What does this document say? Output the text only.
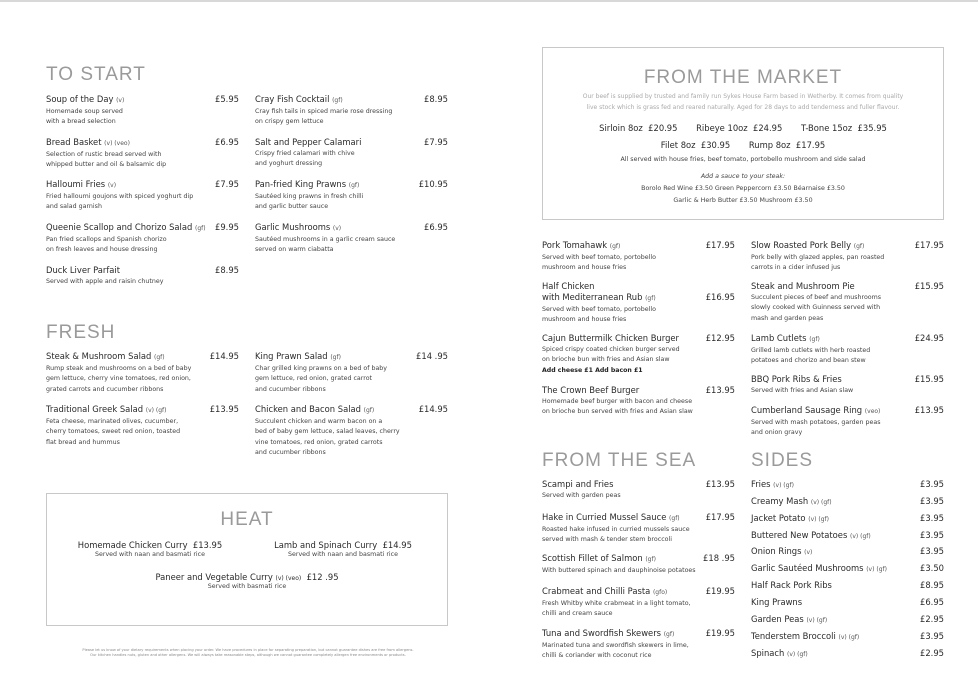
TO START
Soup of the Day (v)	£5.95
Homemade soup served
with a bread selection
Bread Basket (v) (veo)	£6.95
Selection of rustic bread served with
whipped butter and oil & balsamic dip
Halloumi Fries (v)	£7.95
Fried halloumi goujons with spiced yoghurt dip
and salad garnish
Queenie Scallop and Chorizo Salad (gf)	£9.95
Pan fried scallops and Spanish chorizo
on fresh leaves and house dressing
Duck Liver Parfait	£8.95
Served with apple and raisin chutney
Cray Fish Cocktail (gf)	£8.95
Cray fish tails in spiced marie rose dressing
on crispy gem lettuce
Salt and Pepper Calamari	£7.95
Crispy fried calamari with chive
and yoghurt dressing
Pan-fried King Prawns (gf)	£10.95
Sautéed king prawns in fresh chilli
and garlic butter sauce
Garlic Mushrooms (v)	£6.95
Sautéed mushrooms in a garlic cream sauce
served on warm ciabatta
FRESH
Steak & Mushroom Salad (gf)	£14.95
Rump steak and mushrooms on a bed of baby
gem lettuce, cherry vine tomatoes, red onion,
grated carrots and cucumber ribbons
King Prawn Salad (gf)	£14 .95
Char grilled king prawns on a bed of baby
gem lettuce, red onion, grated carrot
and cucumber ribbons
Traditional Greek Salad (v) (gf)	£13.95
Feta cheese, marinated olives, cucumber,
cherry tomatoes, sweet red onion, toasted
flat bread and hummus
Chicken and Bacon Salad (gf)	£14.95
Succulent chicken and warm bacon on a
bed of baby gem lettuce, salad leaves, cherry
vine tomatoes, red onion, grated carrots
and cucumber ribbons
HEAT
Homemade Chicken Curry £13.95
Served with naan and basmati rice
Lamb and Spinach Curry £14.95
Served with naan and basmati rice
Paneer and Vegetable Curry (v) (veo) £12 .95
Served with basmati rice
Please let us know of your dietary requirements when placing your order. We have procedures in place for separating preparation, but cannot guarantee dishes are free from allergens.
Our kitchen handles nuts, gluten and other allergens. We will always take reasonable steps, although we cannot guarantee completely allergen free environments or products.
FROM THE MARKET
Our beef is supplied by trusted and family run Sykes House Farm based in Wetherby. It comes from quality
live stock which is grass fed and reared naturally. Aged for 28 days to add tenderness and fuller flavour.
Sirloin 8oz £20.95 Ribeye 10oz £24.95 T-Bone 15oz £35.95
Filet 8oz £30.95 Rump 8oz £17.95
All served with house fries, beef tomato, portobello mushroom and side salad
Add a sauce to your steak:
Borolo Red Wine £3.50 Green Peppercorn £3.50 Béarnaise £3.50
Garlic & Herb Butter £3.50 Mushroom £3.50
Pork Tomahawk (gf)	£17.95
Served with beef tomato, portobello
mushroom and house fries
Half Chicken
with Mediterranean Rub (gf)	£16.95
Served with beef tomato, portobello
mushroom and house fries
Cajun Buttermilk Chicken Burger	£12.95
Spiced crispy coated chicken burger served
on brioche bun with fries and Asian slaw
Add cheese £1 Add bacon £1
The Crown Beef Burger	£13.95
Homemade beef burger with bacon and cheese
on brioche bun served with fries and Asian slaw
Slow Roasted Pork Belly (gf)	£17.95
Pork belly with glazed apples, pan roasted
carrots in a cider infused jus
Steak and Mushroom Pie	£15.95
Succulent pieces of beef and mushrooms
slowly cooked with Guinness served with
mash and garden peas
Lamb Cutlets (gf)	£24.95
Grilled lamb cutlets with herb roasted
potatoes and chorizo and bean stew
BBQ Pork Ribs & Fries	£15.95
Served with fries and Asian slaw
Cumberland Sausage Ring (veo)	£13.95
Served with mash potatoes, garden peas
and onion gravy
FROM THE SEA
Scampi and Fries	£13.95
Served with garden peas
Hake in Curried Mussel Sauce (gf)	£17.95
Roasted hake infused in curried mussels sauce
served with mash & tender stem broccoli
Scottish Fillet of Salmon (gf)	£18 .95
With buttered spinach and dauphinoise potatoes
Crabmeat and Chilli Pasta (gfo)	£19.95
Fresh Whitby white crabmeat in a light tomato,
chilli and cream sauce
Tuna and Swordfish Skewers (gf)	£19.95
Marinated tuna and swordfish skewers in lime,
chilli & coriander with coconut rice
SIDES
Fries (v) (gf)	£3.95
Creamy Mash (v) (gf)	£3.95
Jacket Potato (v) (gf)	£3.95
Buttered New Potatoes (v) (gf)	£3.95
Onion Rings (v)	£3.95
Garlic Sautéed Mushrooms (v) (gf)	£3.50
Half Rack Pork Ribs	£8.95
King Prawns	£6.95
Garden Peas (v) (gf)	£2.95
Tenderstem Broccoli (v) (gf)	£3.95
Spinach (v) (gf)	£2.95
